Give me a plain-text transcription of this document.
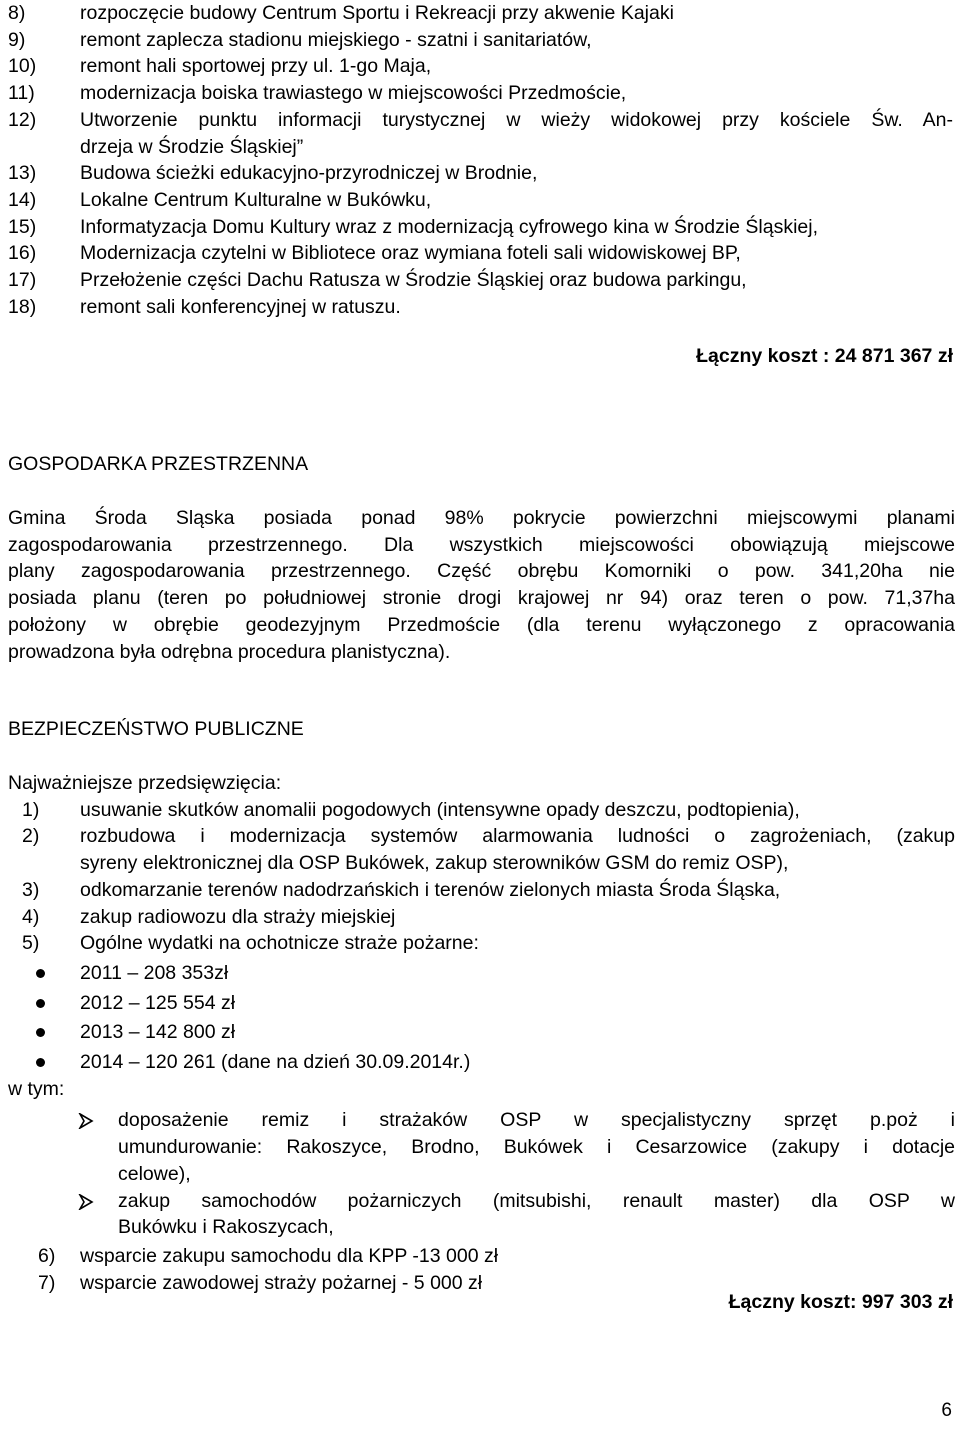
8)	rozpoczęcie budowy Centrum Sportu i Rekreacji przy akwenie Kajaki
9)	remont zaplecza stadionu miejskiego - szatni i sanitariatów,
10) remont hali sportowej przy ul. 1-go Maja,
11) modernizacja boiska trawiastego w miejscowości Przedmoście,
12) Utworzenie punktu informacji turystycznej w wieży widokowej przy kościele Św. An-
drzeja w Środzie Śląskiej”
13) Budowa ścieżki edukacyjno-przyrodniczej w Brodnie,
14) Lokalne Centrum Kulturalne w Bukówku,
15) Informatyzacja Domu Kultury wraz z modernizacją cyfrowego kina w Środzie Śląskiej,
16) Modernizacja czytelni w Bibliotece oraz wymiana foteli sali widowiskowej BP,
17) Przełożenie części Dachu Ratusza w Środzie Śląskiej oraz budowa parkingu,
18) remont sali konferencyjnej w ratuszu.
Łączny koszt : 24 871 367 zł
GOSPODARKA PRZESTRZENNA
Gmina Środa Sląska posiada ponad 98% pokrycie powierzchni miejscowymi planami
zagospodarowania przestrzennego. Dla wszystkich miejscowości obowiązują miejscowe
plany zagospodarowania przestrzennego. Część obrębu Komorniki o pow. 341,20ha nie
posiada planu (teren po południowej stronie drogi krajowej nr 94) oraz teren o pow. 71,37ha
położony w obrębie geodezyjnym Przedmoście (dla terenu wyłączonego z opracowania
prowadzona była odrębna procedura planistyczna).
BEZPIECZEŃSTWO PUBLICZNE
Najważniejsze przedsięwzięcia:
1) usuwanie skutków anomalii pogodowych (intensywne opady deszczu, podtopienia),
2) rozbudowa i modernizacja systemów alarmowania ludności o zagrożeniach, (zakup
syreny elektronicznej dla OSP Bukówek, zakup sterowników GSM do remiz OSP),
3) odkomarzanie terenów nadodrzańskich i terenów zielonych miasta Środa Śląska,
4) zakup radiowozu dla straży miejskiej
5) Ogólne wydatki na ochotnicze straże pożarne:
2011 – 208 353zł
2012 – 125 554 zł
2013 – 142 800 zł
2014 – 120 261 (dane na dzień 30.09.2014r.)
w tym:
doposażenie remiz i strażaków OSP w specjalistyczny sprzęt p.poż i
umundurowanie: Rakoszyce, Brodno, Bukówek i Cesarzowice (zakupy i dotacje
celowe),
zakup samochodów pożarniczych (mitsubishi, renault master) dla OSP w
Bukówku i Rakoszycach,
6) wsparcie zakupu samochodu dla KPP -13 000 zł
7) wsparcie zawodowej straży pożarnej - 5 000 zł
Łączny koszt: 997 303 zł
6
